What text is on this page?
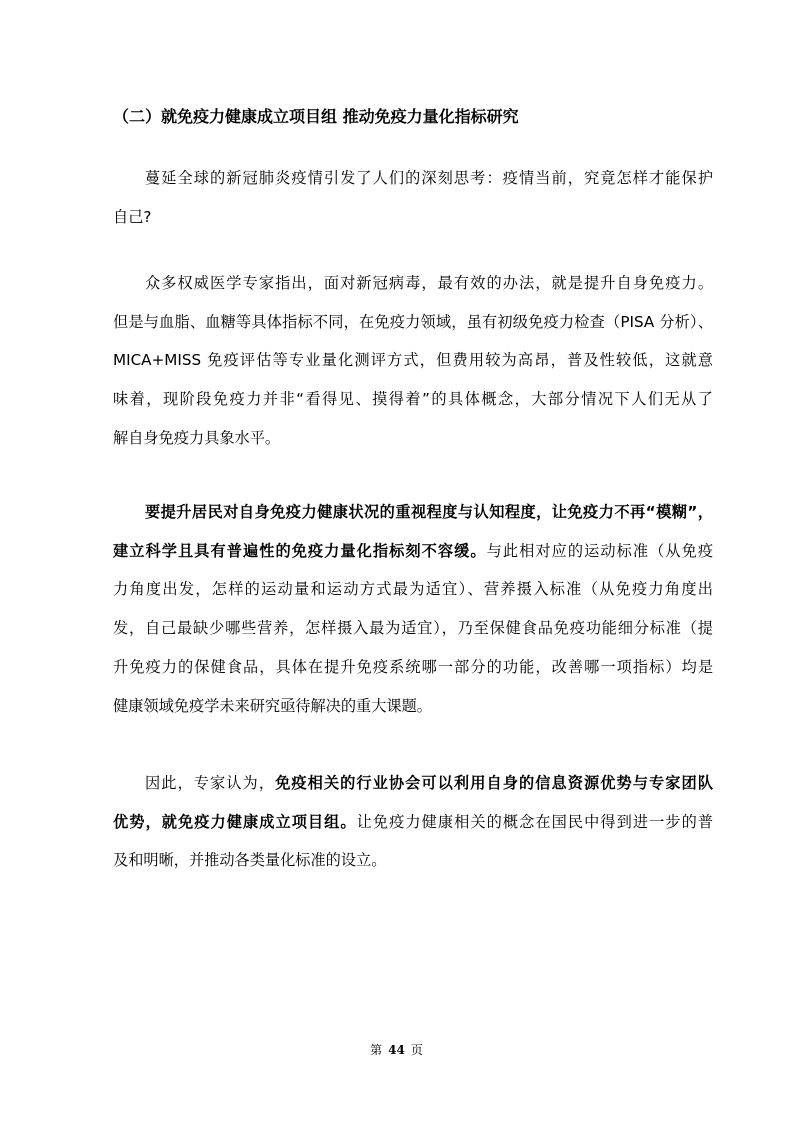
（二）就免疫力健康成立项目组 推动免疫力量化指标研究
蔓延全球的新冠肺炎疫情引发了人们的深刻思考：疫情当前，究竟怎样才能保护
自己?
众多权威医学专家指出，面对新冠病毒，最有效的办法，就是提升自身免疫力。
但是与血脂、血糖等具体指标不同，在免疫力领域，虽有初级免疫力检查（PISA 分析）、
MICA+MISS 免疫评估等专业量化测评方式，但费用较为高昂，普及性较低，这就意
味着，现阶段免疫力并非“看得见、摸得着”的具体概念，大部分情况下人们无从了
解自身免疫力具象水平。
要提升居民对自身免疫力健康状况的重视程度与认知程度，让免疫力不再“模糊”，
建立科学且具有普遍性的免疫力量化指标刻不容缓。与此相对应的运动标准（从免疫
力角度出发，怎样的运动量和运动方式最为适宜）、营养摄入标准（从免疫力角度出
发，自己最缺少哪些营养，怎样摄入最为适宜），乃至保健食品免疫功能细分标准（提
升免疫力的保健食品，具体在提升免疫系统哪一部分的功能，改善哪一项指标）均是
健康领域免疫学未来研究亟待解决的重大课题。
因此，专家认为，免疫相关的行业协会可以利用自身的信息资源优势与专家团队
优势，就免疫力健康成立项目组。让免疫力健康相关的概念在国民中得到进一步的普
及和明晰，并推动各类量化标准的设立。
第 44 页
